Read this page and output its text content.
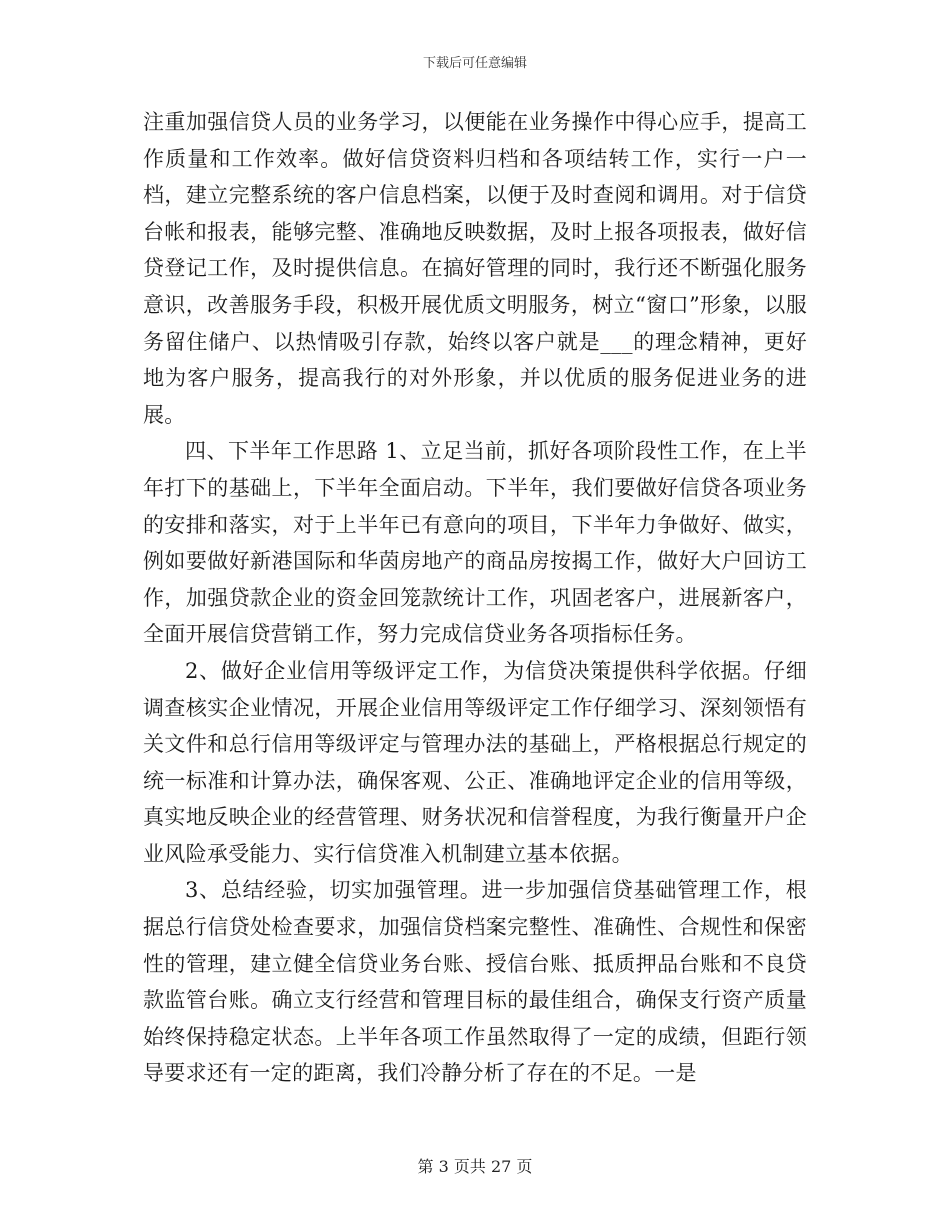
下载后可任意编辑

注重加强信贷人员的业务学习，以便能在业务操作中得心应手，提高工作质量和工作效率。做好信贷资料归档和各项结转工作，实行一户一档，建立完整系统的客户信息档案，以便于及时查阅和调用。对于信贷台帐和报表，能够完整、准确地反映数据，及时上报各项报表，做好信贷登记工作，及时提供信息。在搞好管理的同时，我行还不断强化服务意识，改善服务手段，积极开展优质文明服务，树立“窗口”形象，以服务留住储户、以热情吸引存款，始终以客户就是___的理念精神，更好地为客户服务，提高我行的对外形象，并以优质的服务促进业务的进展。

四、下半年工作思路 1、立足当前，抓好各项阶段性工作，在上半年打下的基础上，下半年全面启动。下半年，我们要做好信贷各项业务的安排和落实，对于上半年已有意向的项目，下半年力争做好、做实，例如要做好新港国际和华茵房地产的商品房按揭工作，做好大户回访工作，加强贷款企业的资金回笼款统计工作，巩固老客户，进展新客户，全面开展信贷营销工作，努力完成信贷业务各项指标任务。

2、做好企业信用等级评定工作，为信贷决策提供科学依据。仔细调查核实企业情况，开展企业信用等级评定工作仔细学习、深刻领悟有关文件和总行信用等级评定与管理办法的基础上，严格根据总行规定的统一标准和计算办法，确保客观、公正、准确地评定企业的信用等级，真实地反映企业的经营管理、财务状况和信誉程度，为我行衡量开户企业风险承受能力、实行信贷准入机制建立基本依据。

3、总结经验，切实加强管理。进一步加强信贷基础管理工作，根据总行信贷处检查要求，加强信贷档案完整性、准确性、合规性和保密性的管理，建立健全信贷业务台账、授信台账、抵质押品台账和不良贷款监管台账。确立支行经营和管理目标的最佳组合，确保支行资产质量始终保持稳定状态。上半年各项工作虽然取得了一定的成绩，但距行领导要求还有一定的距离，我们冷静分析了存在的不足。一是

第 3 页共 27 页
